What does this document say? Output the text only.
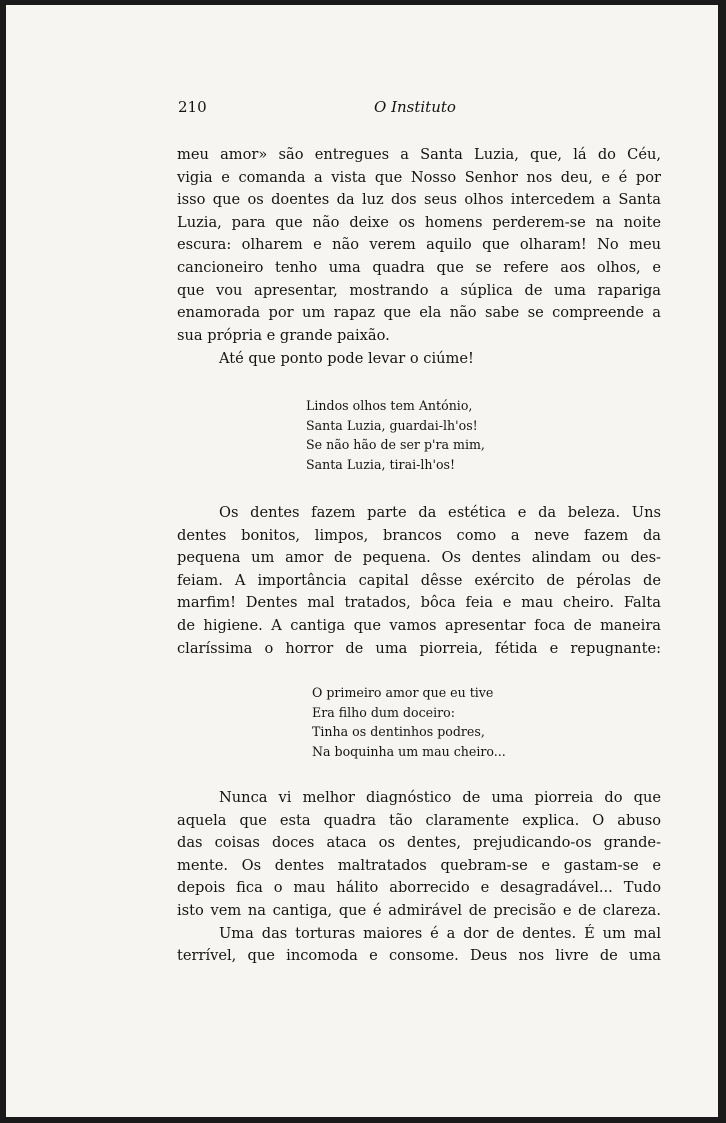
210	O Instituto
meu amor» são entregues a Santa Luzia, que, lá do Céu,
vigia e comanda a vista que Nosso Senhor nos deu, e é por
isso que os doentes da luz dos seus olhos intercedem a Santa
Luzia, para que não deixe os homens perderem-se na noite
escura: olharem e não verem aquilo que olharam! No meu
cancioneiro tenho uma quadra que se refere aos olhos, e
que vou apresentar, mostrando a súplica de uma rapariga
enamorada por um rapaz que ela não sabe se compreende a
sua própria e grande paixão.
Até que ponto pode levar o ciúme!
Lindos olhos tem António,
Santa Luzia, guardai-lh'os!
Se não hão de ser p'ra mim,
Santa Luzia, tirai-lh'os!
Os dentes fazem parte da estética e da beleza. Uns
dentes bonitos, limpos, brancos como a neve fazem da
pequena um amor de pequena. Os dentes alindam ou des-
feiam. A importância capital dêsse exército de pérolas de
marfim! Dentes mal tratados, bôca feia e mau cheiro. Falta
de higiene. A cantiga que vamos apresentar foca de maneira
claríssima o horror de uma piorreia, fétida e repugnante:
O primeiro amor que eu tive
Era filho dum doceiro:
Tinha os dentinhos podres,
Na boquinha um mau cheiro...
Nunca vi melhor diagnóstico de uma piorreia do que
aquela que esta quadra tão claramente explica. O abuso
das coisas doces ataca os dentes, prejudicando-os grande-
mente. Os dentes maltratados quebram-se e gastam-se e
depois fica o mau hálito aborrecido e desagradável... Tudo
isto vem na cantiga, que é admirável de precisão e de clareza.
Uma das torturas maiores é a dor de dentes. É um mal
terrível, que incomoda e consome. Deus nos livre de uma
